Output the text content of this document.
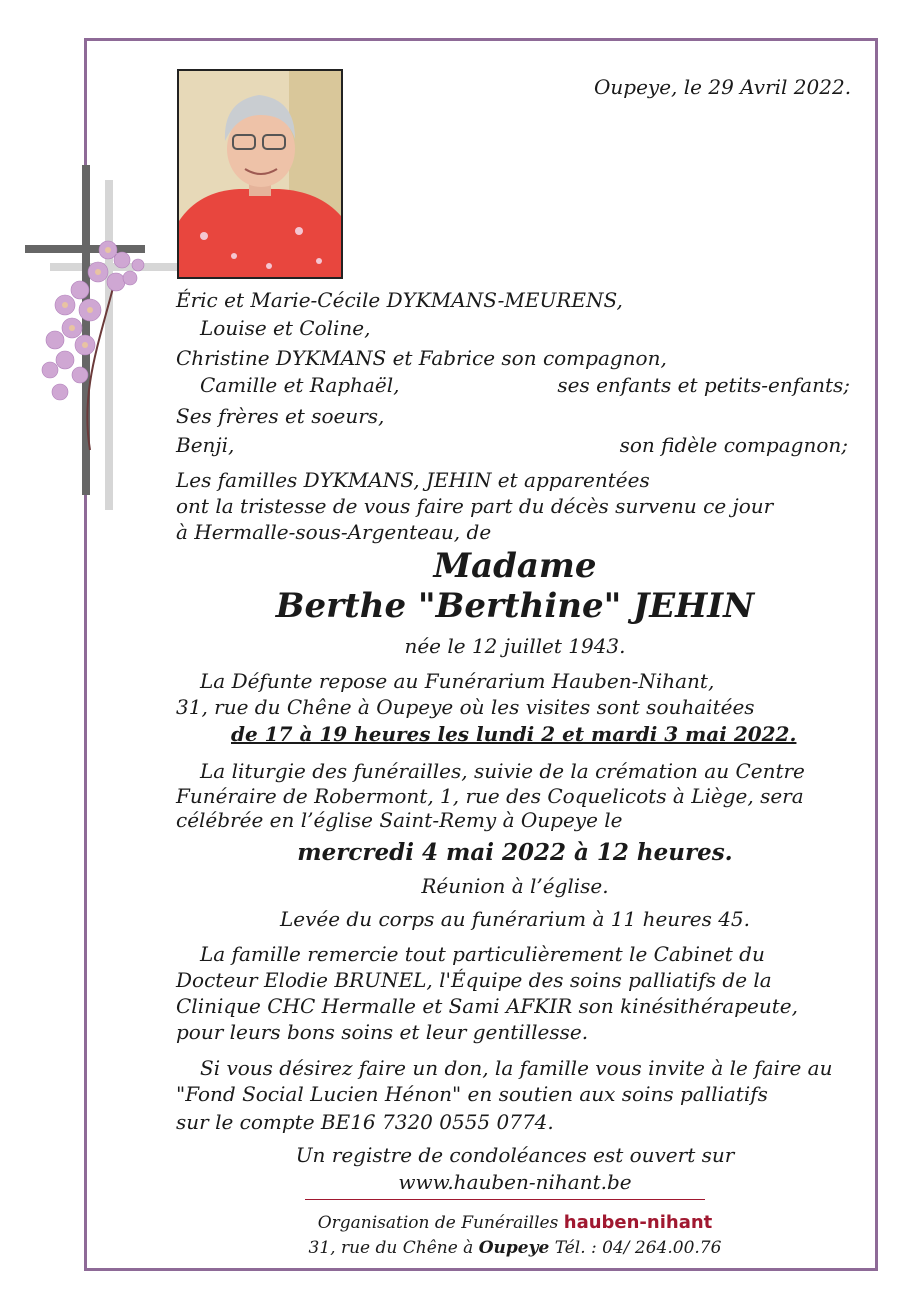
Oupeye, le 29 Avril 2022.
Éric et Marie-Cécile DYKMANS-MEURENS,
Louise et Coline,
Christine DYKMANS et Fabrice son compagnon,
Camille et Raphaël,	ses enfants et petits-enfants;
Ses frères et soeurs,
Benji,	son fidèle compagnon;
Les familles DYKMANS, JEHIN et apparentées
ont la tristesse de vous faire part du décès survenu ce jour
à Hermalle-sous-Argenteau, de
Madame
Berthe "Berthine" JEHIN
née le 12 juillet 1943.
La Défunte repose au Funérarium Hauben-Nihant,
31, rue du Chêne à Oupeye où les visites sont souhaitées
de 17 à 19 heures les lundi 2 et mardi 3 mai 2022.
La liturgie des funérailles, suivie de la crémation au Centre
Funéraire de Robermont, 1, rue des Coquelicots à Liège, sera
célébrée en l’église Saint-Remy à Oupeye le
mercredi 4 mai 2022 à 12 heures.
Réunion à l’église.
Levée du corps au funérarium à 11 heures 45.
La famille remercie tout particulièrement le Cabinet du
Docteur Elodie BRUNEL, l'Équipe des soins palliatifs de la
Clinique CHC Hermalle et Sami AFKIR son kinésithérapeute,
pour leurs bons soins et leur gentillesse.
Si vous désirez faire un don, la famille vous invite à le faire au
"Fond Social Lucien Hénon" en soutien aux soins palliatifs
sur le compte BE16 7320 0555 0774.
Un registre de condoléances est ouvert sur
www.hauben-nihant.be
Organisation de Funérailles hauben-nihant
31, rue du Chêne à Oupeye Tél. : 04/ 264.00.76
